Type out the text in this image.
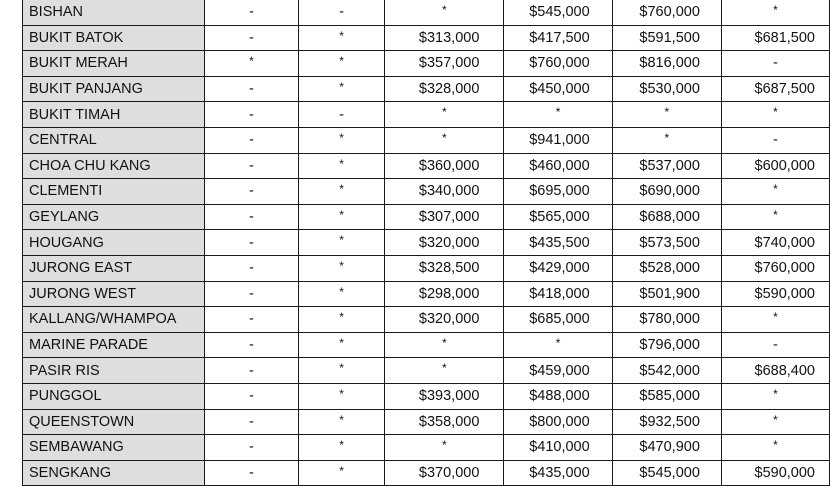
BISHAN	-	-	*	$545,000	$760,000	*
BUKIT BATOK	-	*	$313,000	$417,500	$591,500	$681,500
BUKIT MERAH	*	*	$357,000	$760,000	$816,000	-
BUKIT PANJANG	-	*	$328,000	$450,000	$530,000	$687,500
BUKIT TIMAH	-	-	*	*	*	*
CENTRAL	-	*	*	$941,000	*	-
CHOA CHU KANG	-	*	$360,000	$460,000	$537,000	$600,000
CLEMENTI	-	*	$340,000	$695,000	$690,000	*
GEYLANG	-	*	$307,000	$565,000	$688,000	*
HOUGANG	-	*	$320,000	$435,500	$573,500	$740,000
JURONG EAST	-	*	$328,500	$429,000	$528,000	$760,000
JURONG WEST	-	*	$298,000	$418,000	$501,900	$590,000
KALLANG/WHAMPOA	-	*	$320,000	$685,000	$780,000	*
MARINE PARADE	-	*	*	*	$796,000	-
PASIR RIS	-	*	*	$459,000	$542,000	$688,400
PUNGGOL	-	*	$393,000	$488,000	$585,000	*
QUEENSTOWN	-	*	$358,000	$800,000	$932,500	*
SEMBAWANG	-	*	*	$410,000	$470,900	*
SENGKANG	-	*	$370,000	$435,000	$545,000	$590,000
